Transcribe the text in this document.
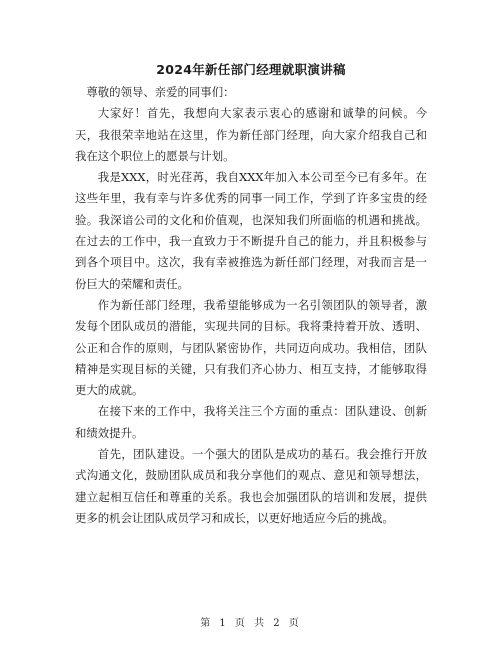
2024年新任部门经理就职演讲稿

尊敬的领导、亲爱的同事们：

大家好！首先，我想向大家表示衷心的感谢和诚挚的问候。今天，我很荣幸地站在这里，作为新任部门经理，向大家介绍我自己和我在这个职位上的愿景与计划。

我是XXX，时光荏苒，我自XXX年加入本公司至今已有多年。在这些年里，我有幸与许多优秀的同事一同工作，学到了许多宝贵的经验。我深谙公司的文化和价值观，也深知我们所面临的机遇和挑战。在过去的工作中，我一直致力于不断提升自己的能力，并且积极参与到各个项目中。这次，我有幸被推选为新任部门经理，对我而言是一份巨大的荣耀和责任。

作为新任部门经理，我希望能够成为一名引领团队的领导者，激发每个团队成员的潜能，实现共同的目标。我将秉持着开放、透明、公正和合作的原则，与团队紧密协作，共同迈向成功。我相信，团队精神是实现目标的关键，只有我们齐心协力、相互支持，才能够取得更大的成就。

在接下来的工作中，我将关注三个方面的重点：团队建设、创新和绩效提升。

首先，团队建设。一个强大的团队是成功的基石。我会推行开放式沟通文化，鼓励团队成员和我分享他们的观点、意见和领导想法，建立起相互信任和尊重的关系。我也会加强团队的培训和发展，提供更多的机会让团队成员学习和成长，以更好地适应今后的挑战。

第 1 页 共 2 页
